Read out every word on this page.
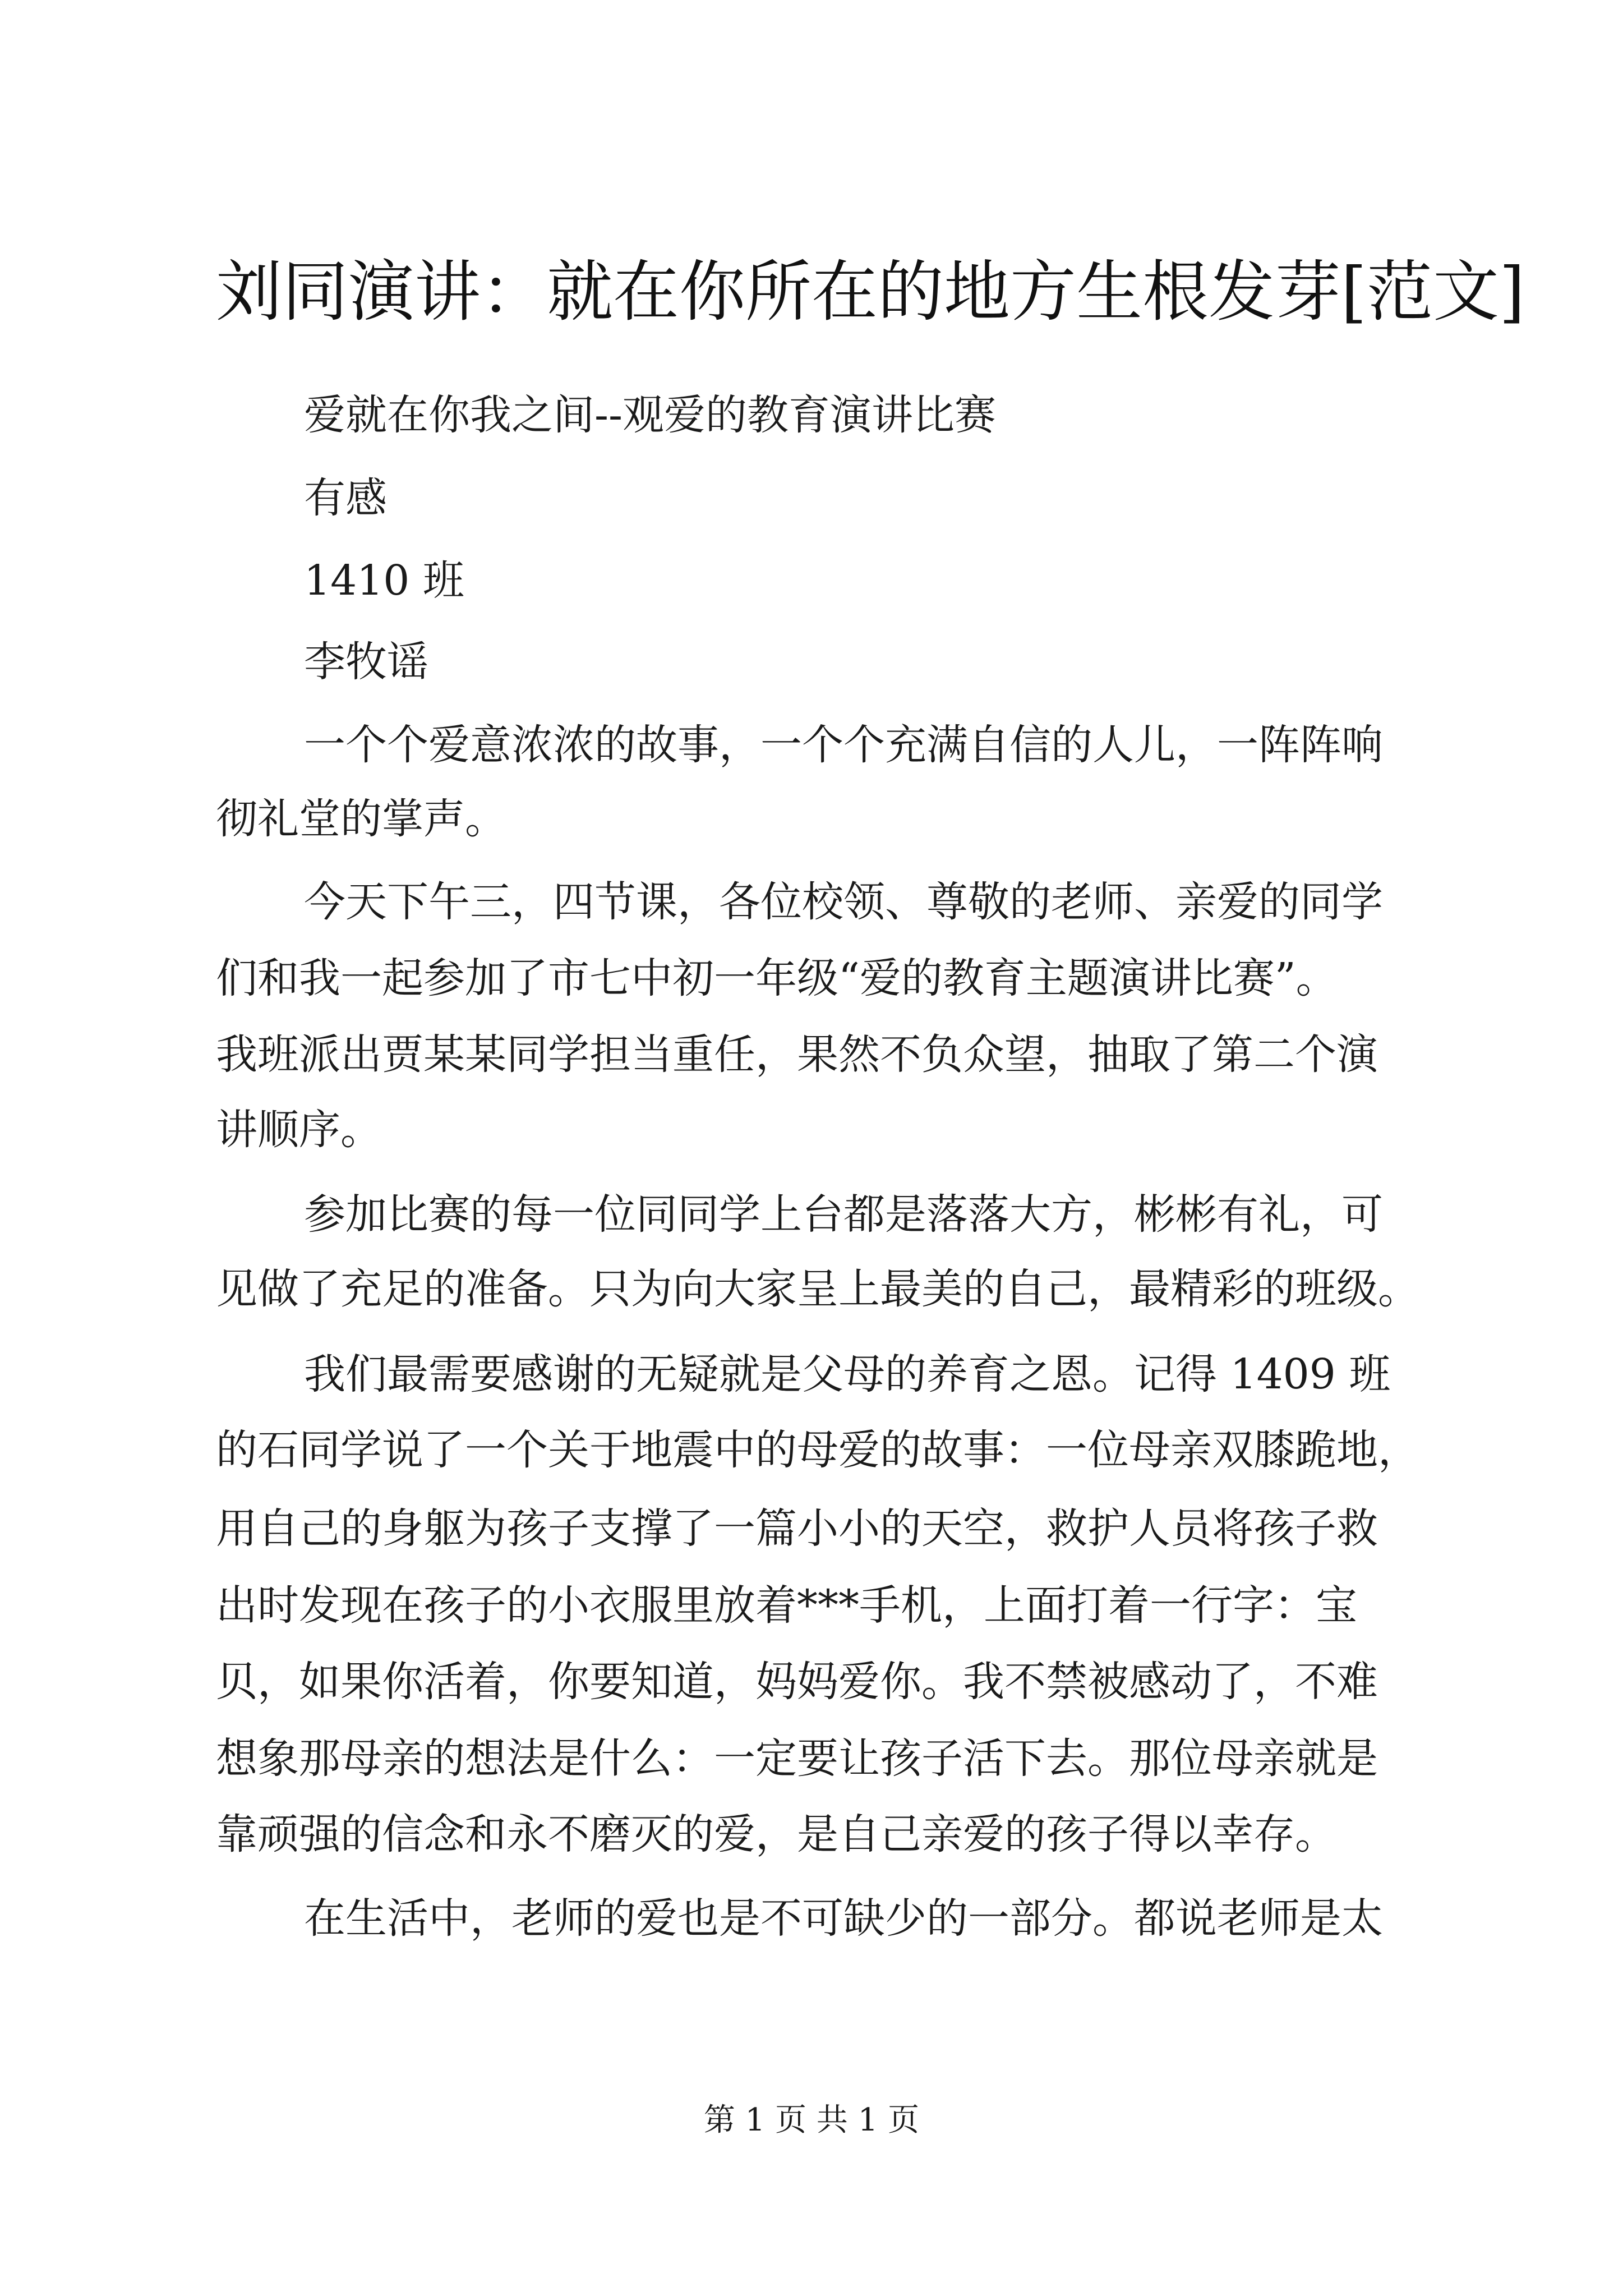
刘同演讲：就在你所在的地方生根发芽[范文]
爱就在你我之间--观爱的教育演讲比赛
有感
1410 班
李牧谣
一个个爱意浓浓的故事，一个个充满自信的人儿，一阵阵响
彻礼堂的掌声。
今天下午三，四节课，各位校领、尊敬的老师、亲爱的同学
们和我一起参加了市七中初一年级“爱的教育主题演讲比赛”。
我班派出贾某某同学担当重任，果然不负众望，抽取了第二个演
讲顺序。
参加比赛的每一位同同学上台都是落落大方，彬彬有礼，可
见做了充足的准备。只为向大家呈上最美的自己，最精彩的班级。
我们最需要感谢的无疑就是父母的养育之恩。记得 1409 班
的石同学说了一个关于地震中的母爱的故事：一位母亲双膝跪地，
用自己的身躯为孩子支撑了一篇小小的天空，救护人员将孩子救
出时发现在孩子的小衣服里放着***手机，上面打着一行字：宝
贝，如果你活着，你要知道，妈妈爱你。我不禁被感动了，不难
想象那母亲的想法是什么：一定要让孩子活下去。那位母亲就是
靠顽强的信念和永不磨灭的爱，是自己亲爱的孩子得以幸存。
在生活中，老师的爱也是不可缺少的一部分。都说老师是太
第 1 页 共 1 页
